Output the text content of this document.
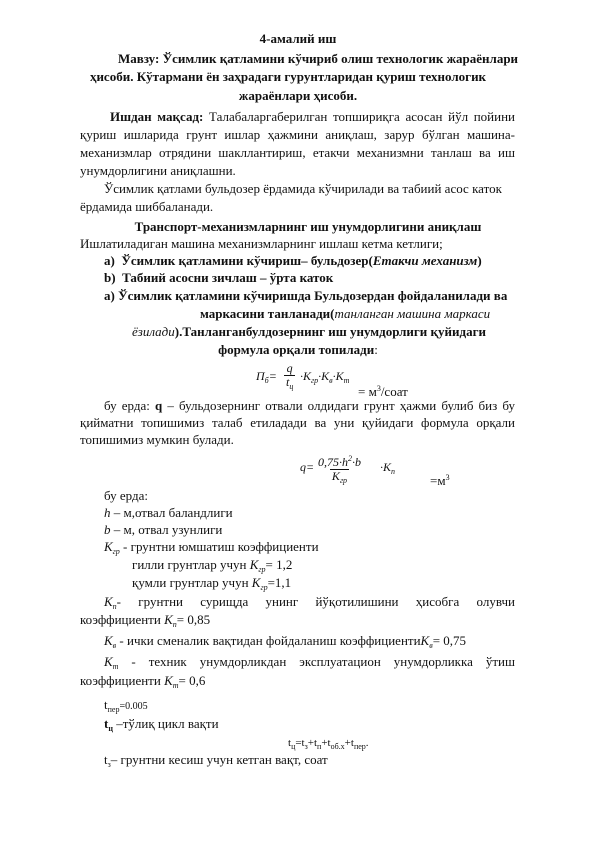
4-амалий иш
Мавзу: Ўсимлик қатламини кўчириб олиш технологик жараёнлари
ҳисоби. Кўтармани ён заҳрадаги гурунтларидан қуриш технологик
жараёнлари ҳисоби.
Ишдан мақсад: Талабаларгаберилган топшириқга асосан йўл пойини
қуриш ишларида грунт ишлар ҳажмини аниқлаш, зарур бўлган машина-
механизмлар отрядини шакллантириш, етакчи механизмни танлаш ва иш
унумдорлигини аниқлашни.
Ўсимлик қатлами бульдозер ёрдамида кўчирилади ва табиий асос каток
ёрдамида шиббаланади.
Транспорт-механизмларнинг иш унумдорлигини аниқлаш
Ишлатиладиган машина механизмларнинг ишлаш кетма кетлиги;
a) Ўсимлик қатламини кўчириш– бульдозер(Етакчи механизм)
b) Табиий асосни зичлаш – ўрта каток
а) Ўсимлик қатламини кўчиришда Бульдозердан фойдаланилади ва
маркасини танланади(танланган машина маркаси
ёзилади).Танланганбулдозернинг иш унумдорлиги қуйидаги
формула орқали топилади:
$П_б=$
q
$t_ц$
$\cdot K_{гр}\cdot K_в\cdot K_т$
= $м^3$/соат
бу ерда: q – бульдозернинг отвали олдидаги грунт ҳажми булиб биз бу
қийматни топишимиз талаб етиладади ва уни қуйидаги формула орқали
топишимиз мумкин булади.
$q= 0,75\cdot h^2\cdot b$
$K_{гр}$
$\cdot K_п$
$=м^3$
бу ерда:
h – м,отвал баландлиги
b – м, отвал узунлиги
$K_{гр}$ - грунтни юмшатиш коэффициенти
гилли грунтлар учун $K_{гр}= 1,2$
қумли грунтлар учун $K_{гр}=1,1$
$K_п-$ грунтни сурищда унинг йўқотилишини ҳисобга олувчи
коэффициенти $K_п= 0,85$
$K_в$ - ички сменалик вақтидан фойдаланиш коэффициентиK$_в$= 0,75
$K_т$ - техник унумдорликдан эксплуатацион унумдорликка ўтиш
коэффициенти $K_т= 0,6$
$t_{пер}=0.005$
$t_ц$ –тўлиқ цикл вақти
$t_ц=t_з+t_п+t_{об.х}+t_{пер}$.
$t_з-$ грунтни кесиш учун кетган вақт, соат
